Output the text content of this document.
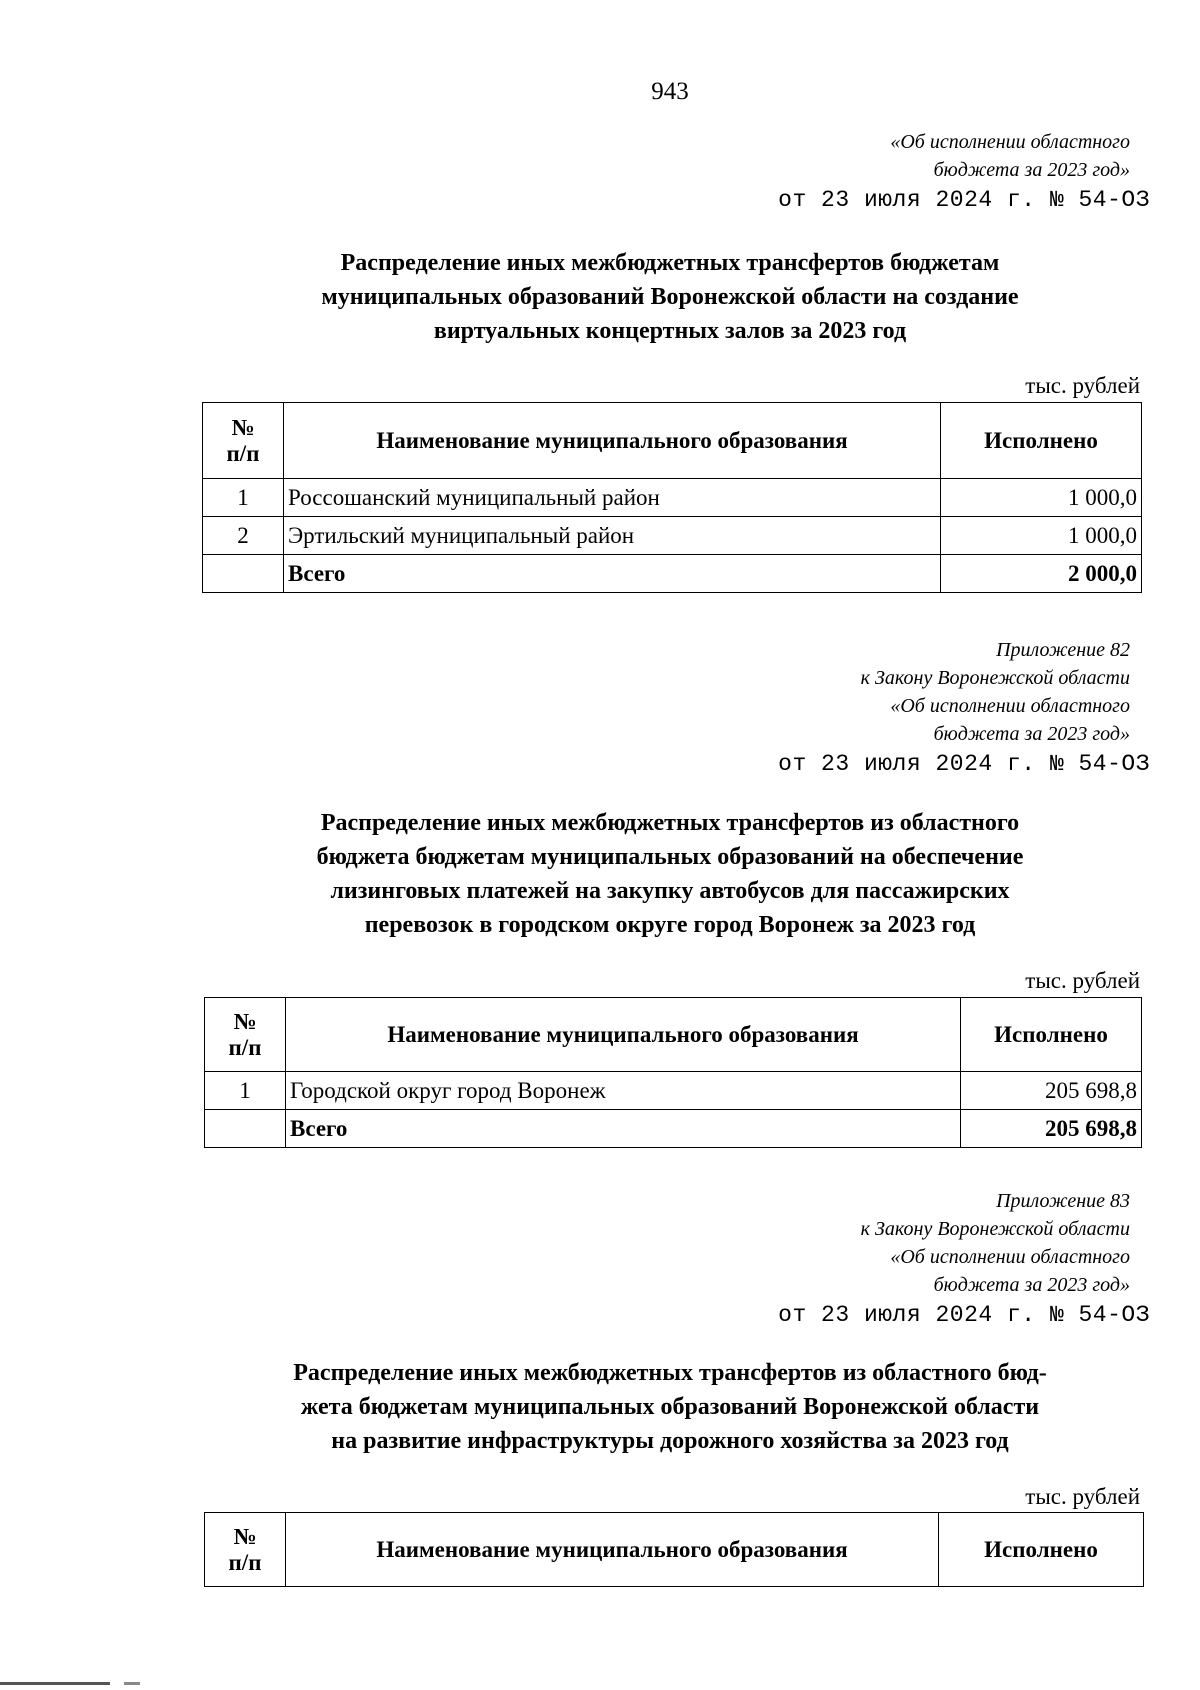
943
«Об исполнении областного
бюджета за 2023 год»
от 23 июля 2024 г. № 54-ОЗ
Распределение иных межбюджетных трансфертов бюджетам
муниципальных образований Воронежской области на создание
виртуальных концертных залов за 2023 год
тыс. рублей
№
п/п	Наименование муниципального образования	Исполнено
1	Россошанский муниципальный район	1 000,0
2	Эртильский муниципальный район	1 000,0
	Всего	2 000,0
Приложение 82
к Закону Воронежской области
«Об исполнении областного
бюджета за 2023 год»
от 23 июля 2024 г. № 54-ОЗ
Распределение иных межбюджетных трансфертов из областного
бюджета бюджетам муниципальных образований на обеспечение
лизинговых платежей на закупку автобусов для пассажирских
перевозок в городском округе город Воронеж за 2023 год
тыс. рублей
№
п/п	Наименование муниципального образования	Исполнено
1	Городской округ город Воронеж	205 698,8
	Всего	205 698,8
Приложение 83
к Закону Воронежской области
«Об исполнении областного
бюджета за 2023 год»
от 23 июля 2024 г. № 54-ОЗ
Распределение иных межбюджетных трансфертов из областного бюд-
жета бюджетам муниципальных образований Воронежской области
на развитие инфраструктуры дорожного хозяйства за 2023 год
тыс. рублей
№
п/п	Наименование муниципального образования	Исполнено
